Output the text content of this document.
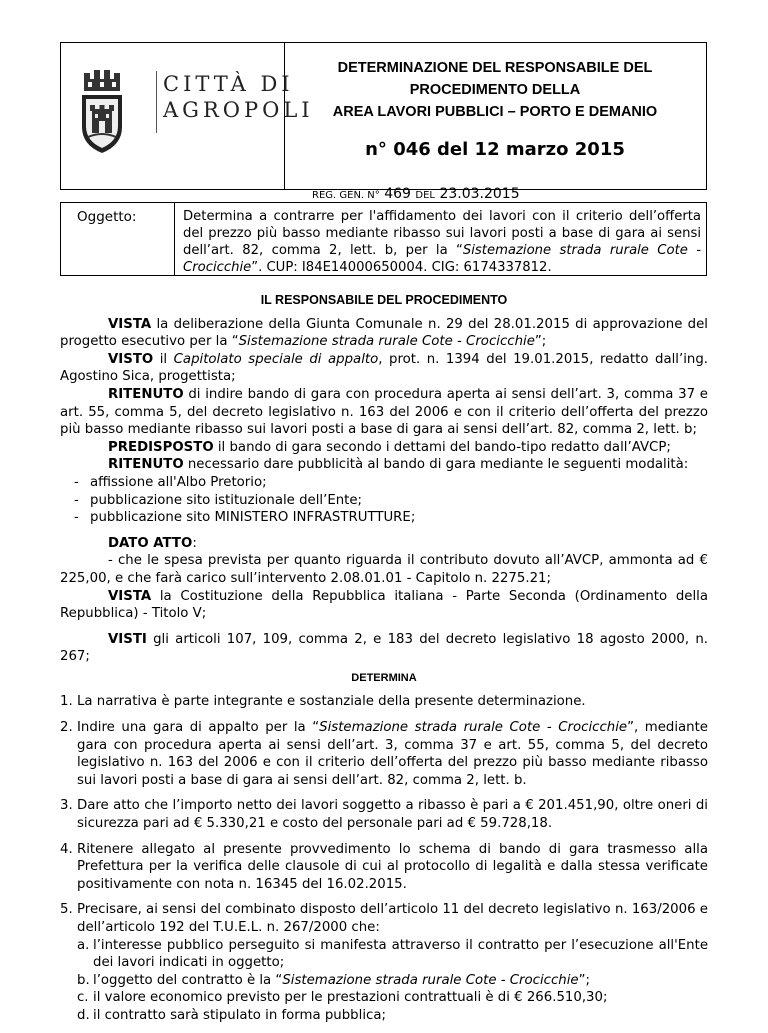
CITTÀ DI
AGROPOLI
DETERMINAZIONE DEL RESPONSABILE DEL
PROCEDIMENTO DELLA
AREA LAVORI PUBBLICI – PORTO E DEMANIO
n° 046 del 12 marzo 2015
REG. GEN. N° 469 DEL 23.03.2015
Oggetto:	Determina a contrarre per l'affidamento dei lavori con il criterio dell’offerta del prezzo più basso mediante ribasso sui lavori posti a base di gara ai sensi dell’art. 82, comma 2, lett. b, per la “Sistemazione strada rurale Cote - Crocicchie”. CUP: I84E14000650004. CIG: 6174337812.
IL RESPONSABILE DEL PROCEDIMENTO

VISTA la deliberazione della Giunta Comunale n. 29 del 28.01.2015 di approvazione del progetto esecutivo per la “Sistemazione strada rurale Cote - Crocicchie”;

VISTO il Capitolato speciale di appalto, prot. n. 1394 del 19.01.2015, redatto dall’ing. Agostino Sica, progettista;

RITENUTO di indire bando di gara con procedura aperta ai sensi dell’art. 3, comma 37 e art. 55, comma 5, del decreto legislativo n. 163 del 2006 e con il criterio dell’offerta del prezzo più basso mediante ribasso sui lavori posti a base di gara ai sensi dell’art. 82, comma 2, lett. b;

PREDISPOSTO il bando di gara secondo i dettami del bando-tipo redatto dall’AVCP;

RITENUTO necessario dare pubblicità al bando di gara mediante le seguenti modalità:

- affissione all'Albo Pretorio;

- pubblicazione sito istituzionale dell’Ente;

- pubblicazione sito MINISTERO INFRASTRUTTURE;

DATO ATTO:

- che le spesa prevista per quanto riguarda il contributo dovuto all’AVCP, ammonta ad € 225,00, e che farà carico sull’intervento 2.08.01.01 - Capitolo n. 2275.21;

VISTA la Costituzione della Repubblica italiana - Parte Seconda (Ordinamento della Repubblica) - Titolo V;

VISTI gli articoli 107, 109, comma 2, e 183 del decreto legislativo 18 agosto 2000, n. 267;

DETERMINA
1. La narrativa è parte integrante e sostanziale della presente determinazione.
2. Indire una gara di appalto per la “Sistemazione strada rurale Cote - Crocicchie”, mediante gara con procedura aperta ai sensi dell’art. 3, comma 37 e art. 55, comma 5, del decreto legislativo n. 163 del 2006 e con il criterio dell’offerta del prezzo più basso mediante ribasso sui lavori posti a base di gara ai sensi dell’art. 82, comma 2, lett. b.
3. Dare atto che l’importo netto dei lavori soggetto a ribasso è pari a € 201.451,90, oltre oneri di sicurezza pari ad € 5.330,21 e costo del personale pari ad € 59.728,18.
4. Ritenere allegato al presente provvedimento lo schema di bando di gara trasmesso alla Prefettura per la verifica delle clausole di cui al protocollo di legalità e dalla stessa verificate positivamente con nota n. 16345 del 16.02.2015.
5. Precisare, ai sensi del combinato disposto dell’articolo 11 del decreto legislativo n. 163/2006 e dell’articolo 192 del T.U.E.L. n. 267/2000 che:

a. l’interesse pubblico perseguito si manifesta attraverso il contratto per l’esecuzione all'Ente dei lavori indicati in oggetto;

b. l’oggetto del contratto è la “Sistemazione strada rurale Cote - Crocicchie”;

c. il valore economico previsto per le prestazioni contrattuali è di € 266.510,30;

d. il contratto sarà stipulato in forma pubblica;
